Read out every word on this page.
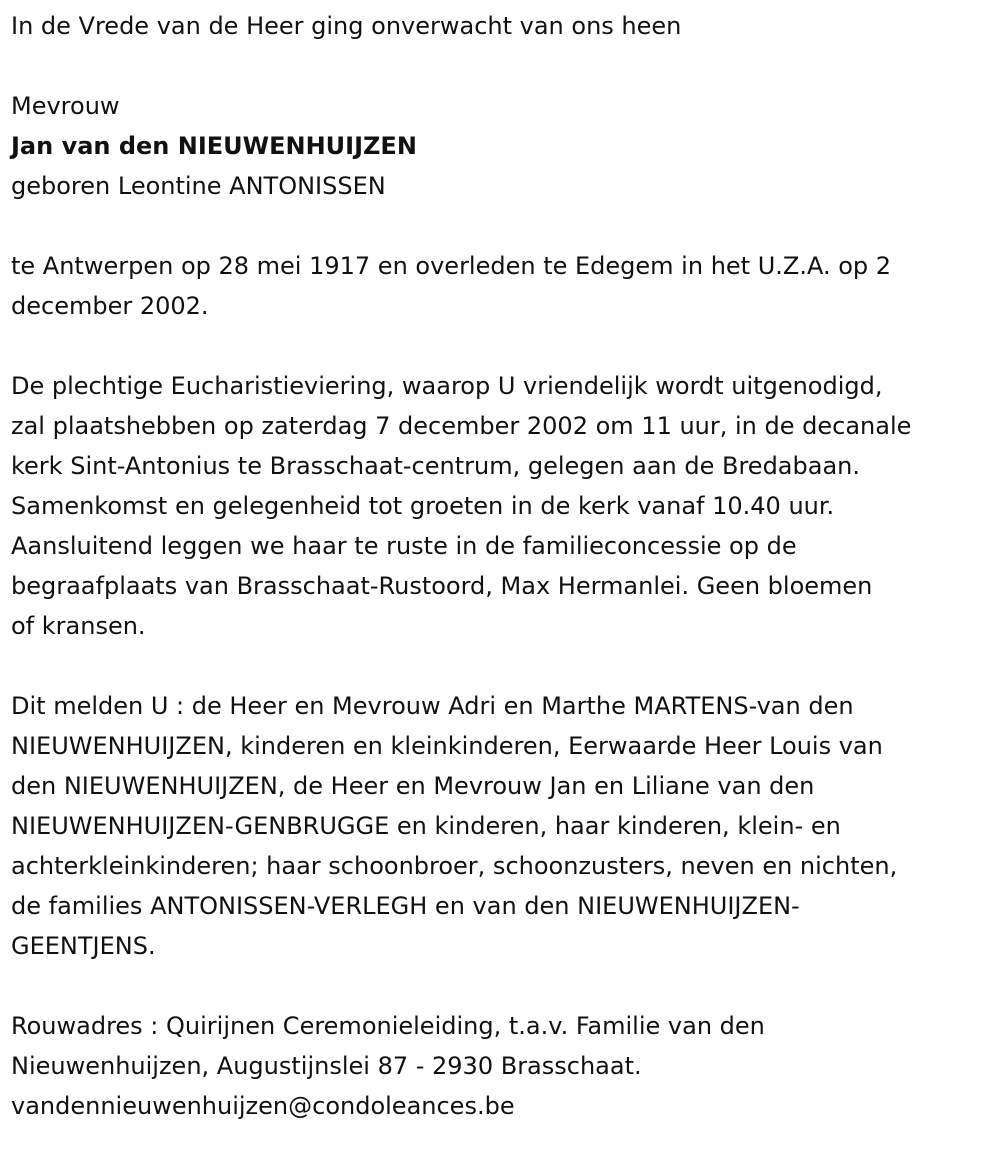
In de Vrede van de Heer ging onverwacht van ons heen

Mevrouw

Jan van den NIEUWENHUIJZEN

geboren Leontine ANTONISSEN

te Antwerpen op 28 mei 1917 en overleden te Edegem in het U.Z.A. op 2
december 2002.

De plechtige Eucharistieviering, waarop U vriendelijk wordt uitgenodigd,
zal plaatshebben op zaterdag 7 december 2002 om 11 uur, in de decanale
kerk Sint-Antonius te Brasschaat-centrum, gelegen aan de Bredabaan.
Samenkomst en gelegenheid tot groeten in de kerk vanaf 10.40 uur.
Aansluitend leggen we haar te ruste in de familieconcessie op de
begraafplaats van Brasschaat-Rustoord, Max Hermanlei. Geen bloemen
of kransen.

Dit melden U : de Heer en Mevrouw Adri en Marthe MARTENS-van den
NIEUWENHUIJZEN, kinderen en kleinkinderen, Eerwaarde Heer Louis van
den NIEUWENHUIJZEN, de Heer en Mevrouw Jan en Liliane van den
NIEUWENHUIJZEN-GENBRUGGE en kinderen, haar kinderen, klein- en
achterkleinkinderen; haar schoonbroer, schoonzusters, neven en nichten,
de families ANTONISSEN-VERLEGH en van den NIEUWENHUIJZEN-
GEENTJENS.

Rouwadres : Quirijnen Ceremonieleiding, t.a.v. Familie van den
Nieuwenhuijzen, Augustijnslei 87 - 2930 Brasschaat.
vandennieuwenhuijzen@condoleances.be
